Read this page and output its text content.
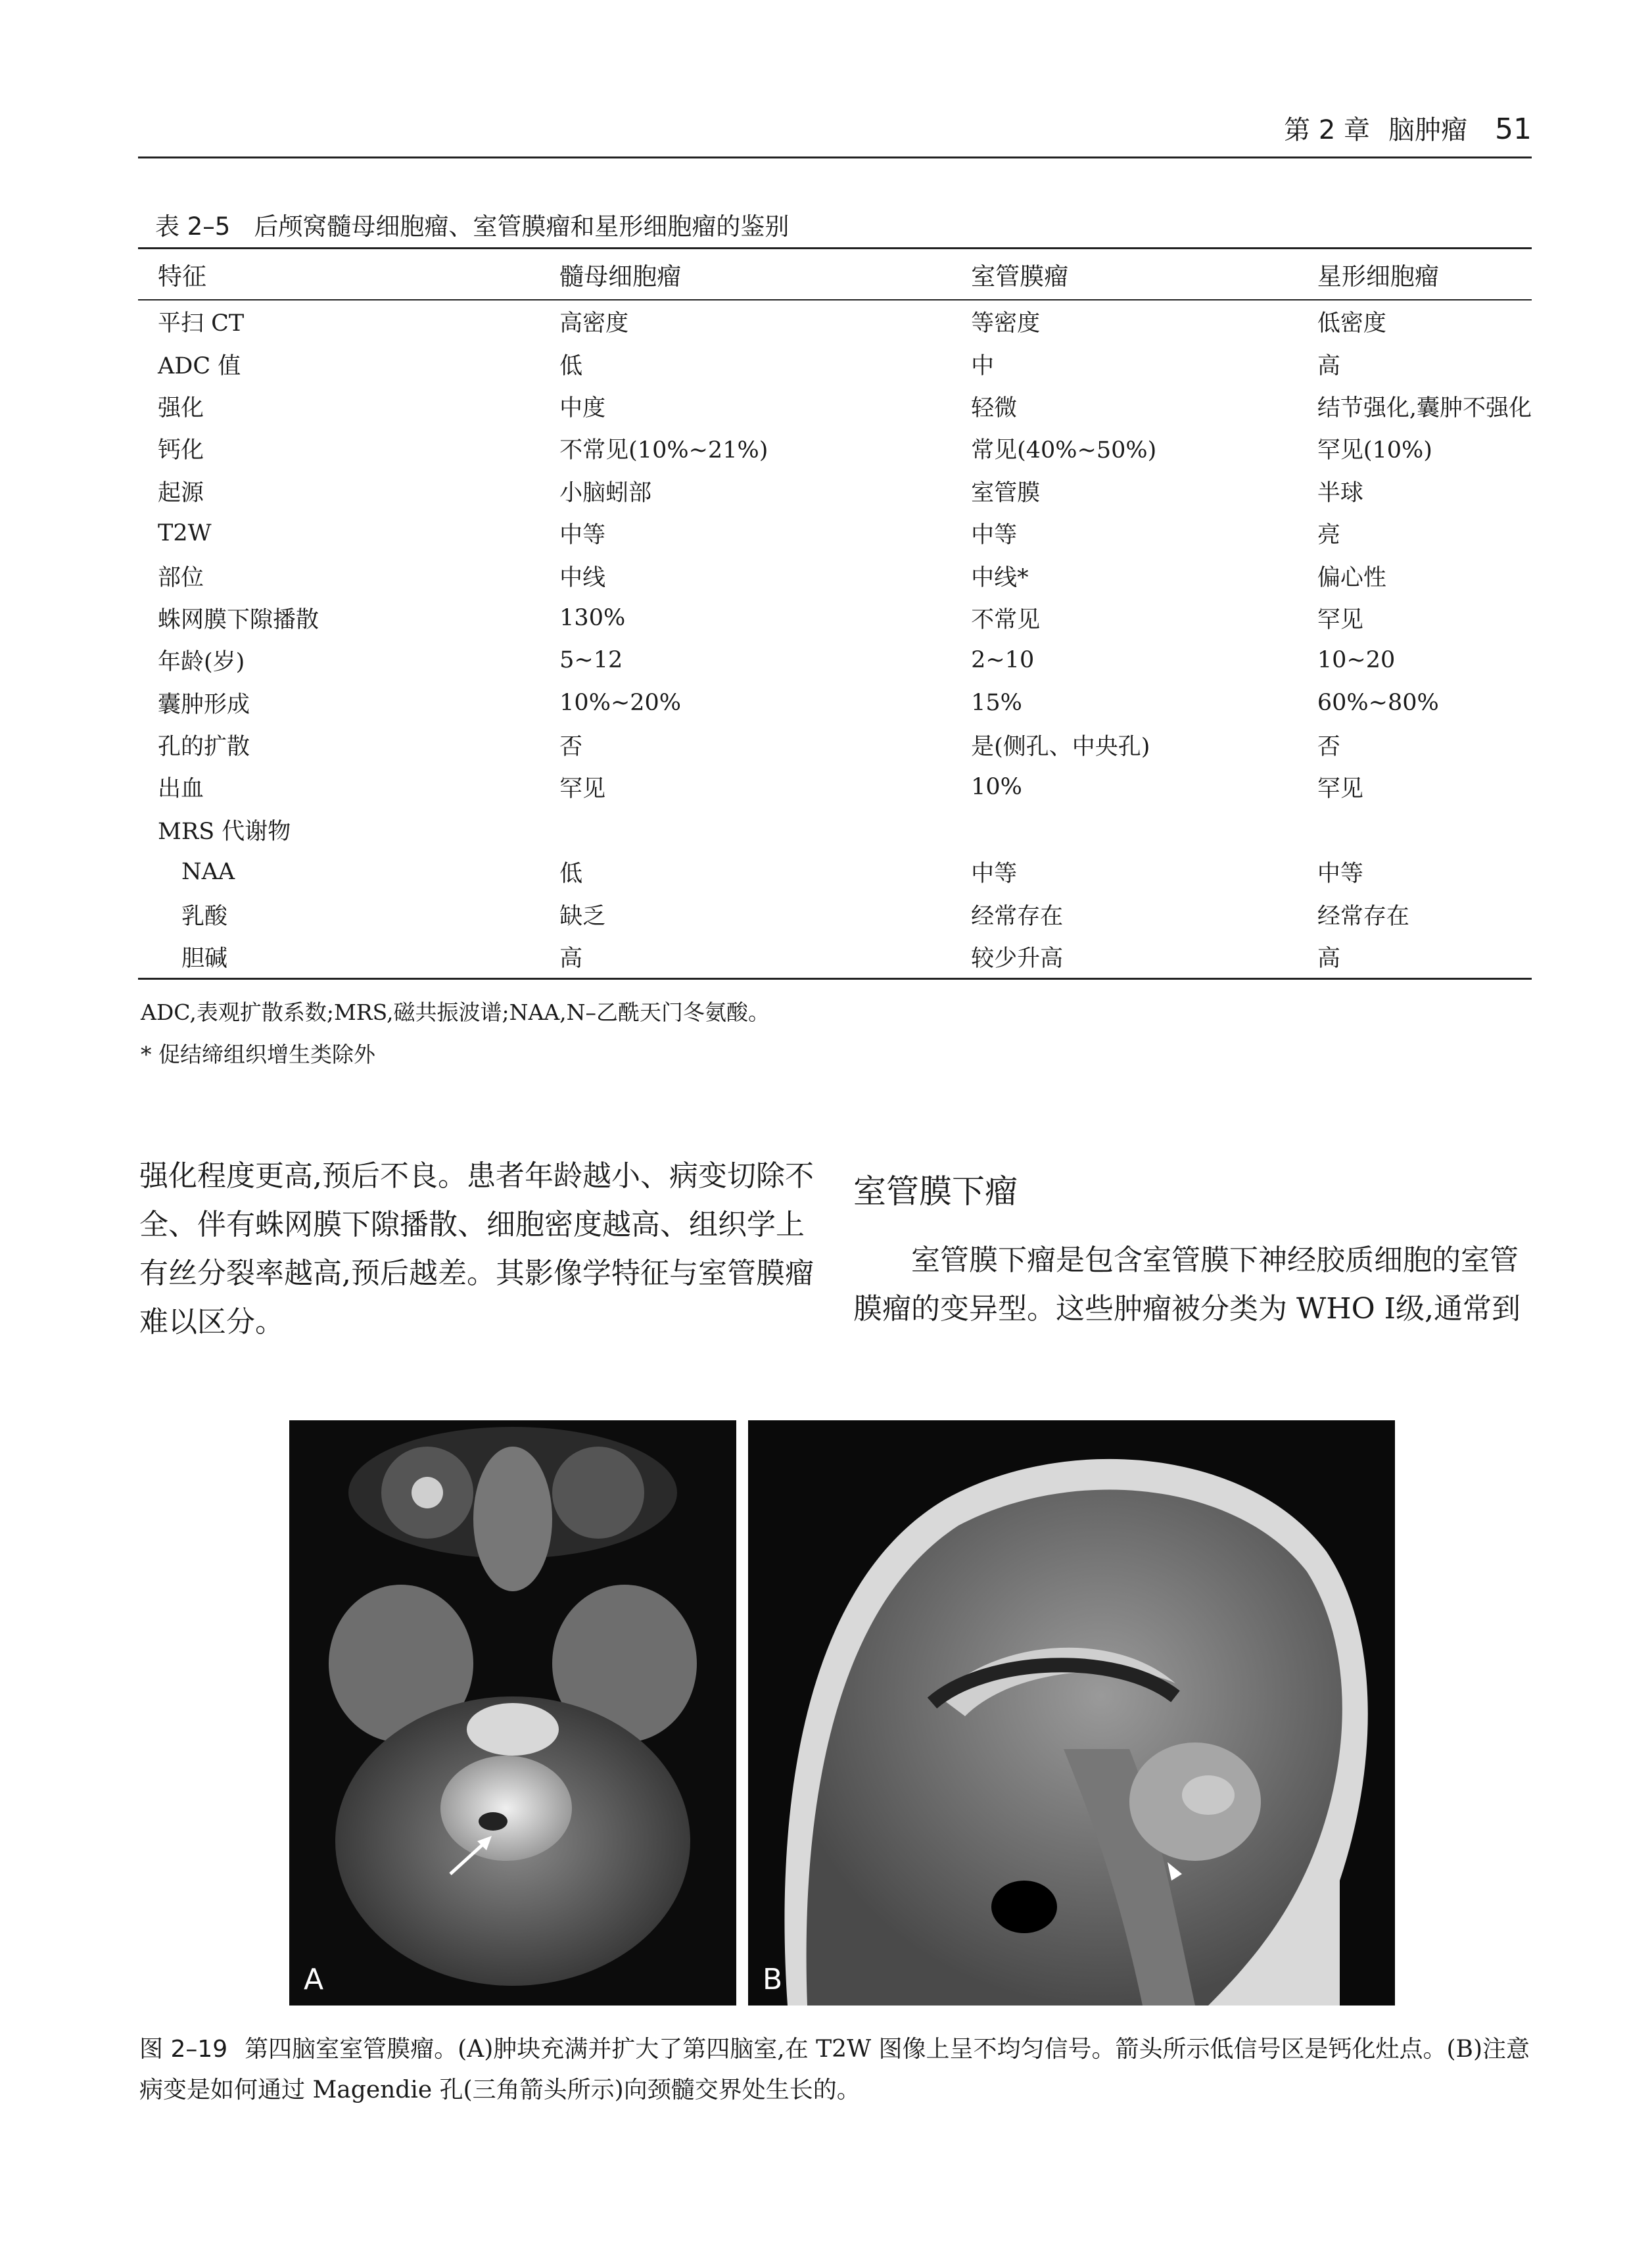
第 2 章 脑肿瘤 51
表 2–5 后颅窝髓母细胞瘤、室管膜瘤和星形细胞瘤的鉴别
特征	髓母细胞瘤	室管膜瘤	星形细胞瘤
平扫 CT	高密度	等密度	低密度
ADC 值	低	中	高
强化	中度	轻微	结节强化,囊肿不强化
钙化	不常见(10%~21%)	常见(40%~50%)	罕见(10%)
起源	小脑蚓部	室管膜	半球
T2W	中等	中等	亮
部位	中线	中线*	偏心性
蛛网膜下隙播散	130%	不常见	罕见
年龄(岁)	5~12	2~10	10~20
囊肿形成	10%~20%	15%	60%~80%
孔的扩散	否	是(侧孔、中央孔)	否
出血	罕见	10%	罕见
MRS 代谢物			
NAA	低	中等	中等
乳酸	缺乏	经常存在	经常存在
胆碱	高	较少升高	高
ADC,表观扩散系数;MRS,磁共振波谱;NAA,N–乙酰天门冬氨酸。
* 促结缔组织增生类除外
强化程度更高,预后不良。患者年龄越小、病变切除不全、伴有蛛网膜下隙播散、细胞密度越高、组织学上有丝分裂率越高,预后越差。其影像学特征与室管膜瘤难以区分。
室管膜下瘤
室管膜下瘤是包含室管膜下神经胶质细胞的室管膜瘤的变异型。这些肿瘤被分类为 WHO Ⅰ级,通常到
A	B
图 2–19 第四脑室室管膜瘤。(A)肿块充满并扩大了第四脑室,在 T2W 图像上呈不均匀信号。箭头所示低信号区是钙化灶点。(B)注意病变是如何通过 Magendie 孔(三角箭头所示)向颈髓交界处生长的。
